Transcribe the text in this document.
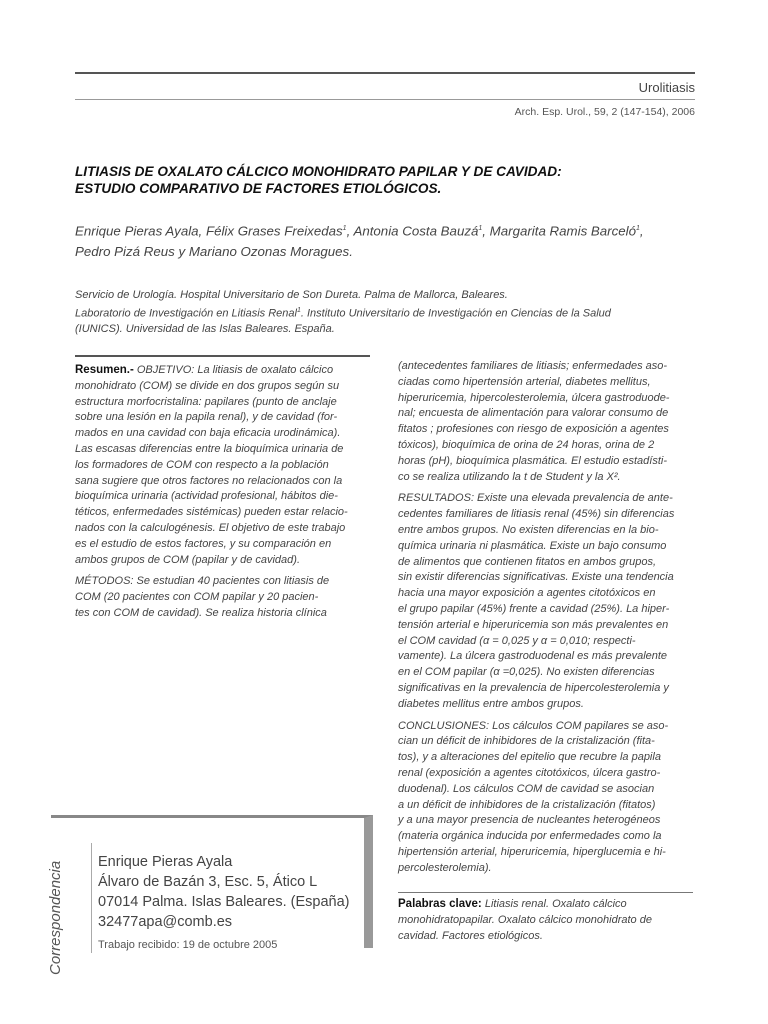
Urolitiasis
Arch. Esp. Urol., 59, 2 (147-154), 2006
LITIASIS DE OXALATO CÁLCICO MONOHIDRATO PAPILAR Y DE CAVIDAD:
ESTUDIO COMPARATIVO DE FACTORES ETIOLÓGICOS.
Enrique Pieras Ayala, Félix Grases Freixedas$^1$, Antonia Costa Bauzá$^1$, Margarita Ramis Barceló$^1$,
Pedro Pizá Reus y Mariano Ozonas Moragues.
Servicio de Urología. Hospital Universitario de Son Dureta. Palma de Mallorca, Baleares.
Laboratorio de Investigación en Litiasis Renal$^1$. Instituto Universitario de Investigación en Ciencias de la Salud
(IUNICS). Universidad de las Islas Baleares. España.
Resumen.- OBJETIVO: La litiasis de oxalato cálcico
monohidrato (COM) se divide en dos grupos según su
estructura morfocristalina: papilares (punto de anclaje
sobre una lesión en la papila renal), y de cavidad (for-
mados en una cavidad con baja eficacia urodinámica).
Las escasas diferencias entre la bioquímica urinaria de
los formadores de COM con respecto a la población
sana sugiere que otros factores no relacionados con la
bioquímica urinaria (actividad profesional, hábitos die-
téticos, enfermedades sistémicas) pueden estar relacio-
nados con la calculogénesis. El objetivo de este trabajo
es el estudio de estos factores, y su comparación en
ambos grupos de COM (papilar y de cavidad).
MÉTODOS: Se estudian 40 pacientes con litiasis de
COM (20 pacientes con COM papilar y 20 pacien-
tes con COM de cavidad). Se realiza historia clínica
(antecedentes familiares de litiasis; enfermedades aso-
ciadas como hipertensión arterial, diabetes mellitus,
hiperuricemia, hipercolesterolemia, úlcera gastroduode-
nal; encuesta de alimentación para valorar consumo de
fitatos ; profesiones con riesgo de exposición a agentes
tóxicos), bioquímica de orina de 24 horas, orina de 2
horas (pH), bioquímica plasmática. El estudio estadísti-
co se realiza utilizando la t de Student y la X².
RESULTADOS: Existe una elevada prevalencia de ante-
cedentes familiares de litiasis renal (45%) sin diferencias
entre ambos grupos. No existen diferencias en la bio-
química urinaria ni plasmática. Existe un bajo consumo
de alimentos que contienen fitatos en ambos grupos,
sin existir diferencias significativas. Existe una tendencia
hacia una mayor exposición a agentes citotóxicos en
el grupo papilar (45%) frente a cavidad (25%). La hiper-
tensión arterial e hiperuricemia son más prevalentes en
el COM cavidad (α = 0,025 y α = 0,010; respecti-
vamente). La úlcera gastroduodenal es más prevalente
en el COM papilar (α =0,025). No existen diferencias
significativas en la prevalencia de hipercolesterolemia y
diabetes mellitus entre ambos grupos.
CONCLUSIONES: Los cálculos COM papilares se aso-
cian un déficit de inhibidores de la cristalización (fita-
tos), y a alteraciones del epitelio que recubre la papila
renal (exposición a agentes citotóxicos, úlcera gastro-
duodenal). Los cálculos COM de cavidad se asocian
a un déficit de inhibidores de la cristalización (fitatos)
y a una mayor presencia de nucleantes heterogéneos
(materia orgánica inducida por enfermedades como la
hipertensión arterial, hiperuricemia, hiperglucemia e hi-
percolesterolemia).
Correspondencia Enrique Pieras Ayala
Álvaro de Bazán 3, Esc. 5, Ático L
07014 Palma. Islas Baleares. (España)
32477apa@comb.es
Trabajo recibido: 19 de octubre 2005
Palabras clave: Litiasis renal. Oxalato cálcico
monohidratopapilar. Oxalato cálcico monohidrato de
cavidad. Factores etiológicos.
